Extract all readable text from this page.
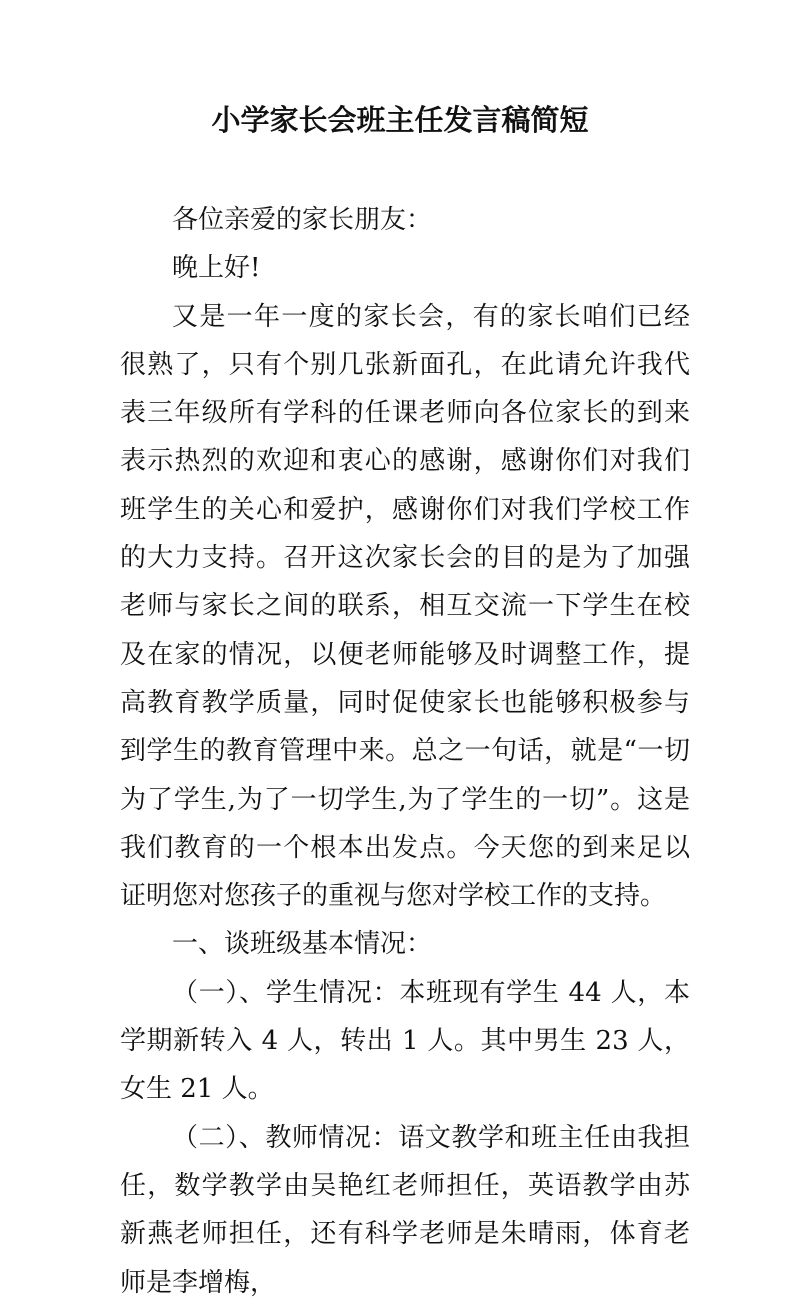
小学家长会班主任发言稿简短

各位亲爱的家长朋友：

晚上好!

又是一年一度的家长会，有的家长咱们已经很熟了，只有个别几张新面孔，在此请允许我代表三年级所有学科的任课老师向各位家长的到来表示热烈的欢迎和衷心的感谢，感谢你们对我们班学生的关心和爱护，感谢你们对我们学校工作的大力支持。召开这次家长会的目的是为了加强老师与家长之间的联系，相互交流一下学生在校及在家的情况，以便老师能够及时调整工作，提高教育教学质量，同时促使家长也能够积极参与到学生的教育管理中来。总之一句话，就是“一切为了学生,为了一切学生,为了学生的一切”。这是我们教育的一个根本出发点。今天您的到来足以证明您对您孩子的重视与您对学校工作的支持。

一、谈班级基本情况：

（一）、学生情况：本班现有学生 44 人，本学期新转入 4 人，转出 1 人。其中男生 23 人，女生 21 人。

（二）、教师情况：语文教学和班主任由我担任，数学教学由吴艳红老师担任，英语教学由苏新燕老师担任，还有科学老师是朱晴雨，体育老师是李增梅，
